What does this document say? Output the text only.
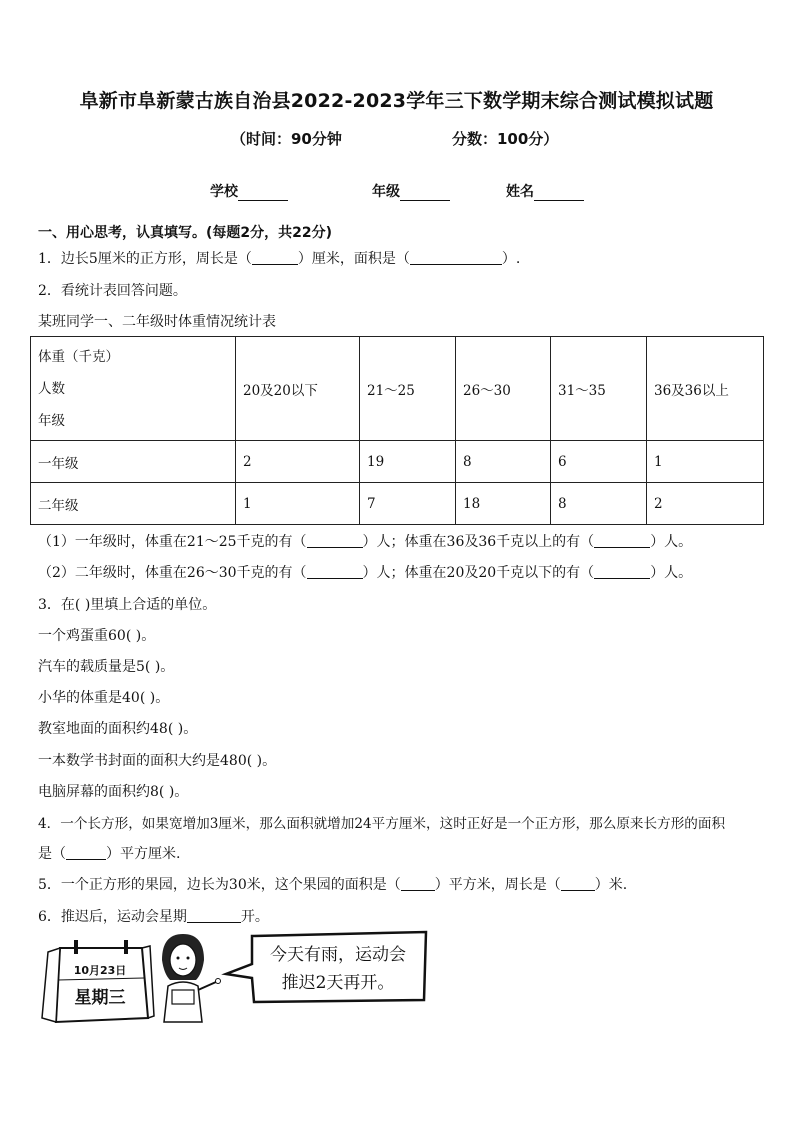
阜新市阜新蒙古族自治县2022-2023学年三下数学期末综合测试模拟试题
（时间：90分钟	分数：100分）
学校	年级	姓名
一、用心思考，认真填写。(每题2分，共22分)
1．边长5厘米的正方形，周长是（	）厘米，面积是（	）.
2．看统计表回答问题。
某班同学一、二年级时体重情况统计表
体重（千克）
人数
年级	20及20以下	21～25	26～30	31～35	36及36以上
一年级	2	19	8	6	1
二年级	1	7	18	8	2
（1）一年级时，体重在21～25千克的有（	）人；体重在36及36千克以上的有（	）人。
（2）二年级时，体重在26～30千克的有（	）人；体重在20及20千克以下的有（	）人。
3．在( )里填上合适的单位。
一个鸡蛋重60( )。
汽车的载质量是5( )。
小华的体重是40( )。
教室地面的面积约48( )。
一本数学书封面的面积大约是480( )。
电脑屏幕的面积约8( )。
4．一个长方形，如果宽增加3厘米，那么面积就增加24平方厘米，这时正好是一个正方形，那么原来长方形的面积
是（	）平方厘米.
5．一个正方形的果园，边长为30米，这个果园的面积是（ ）平方米，周长是（ ）米.
6．推迟后，运动会星期	开。
10月23日
星期三
今天有雨，运动会
推迟2天再开。
